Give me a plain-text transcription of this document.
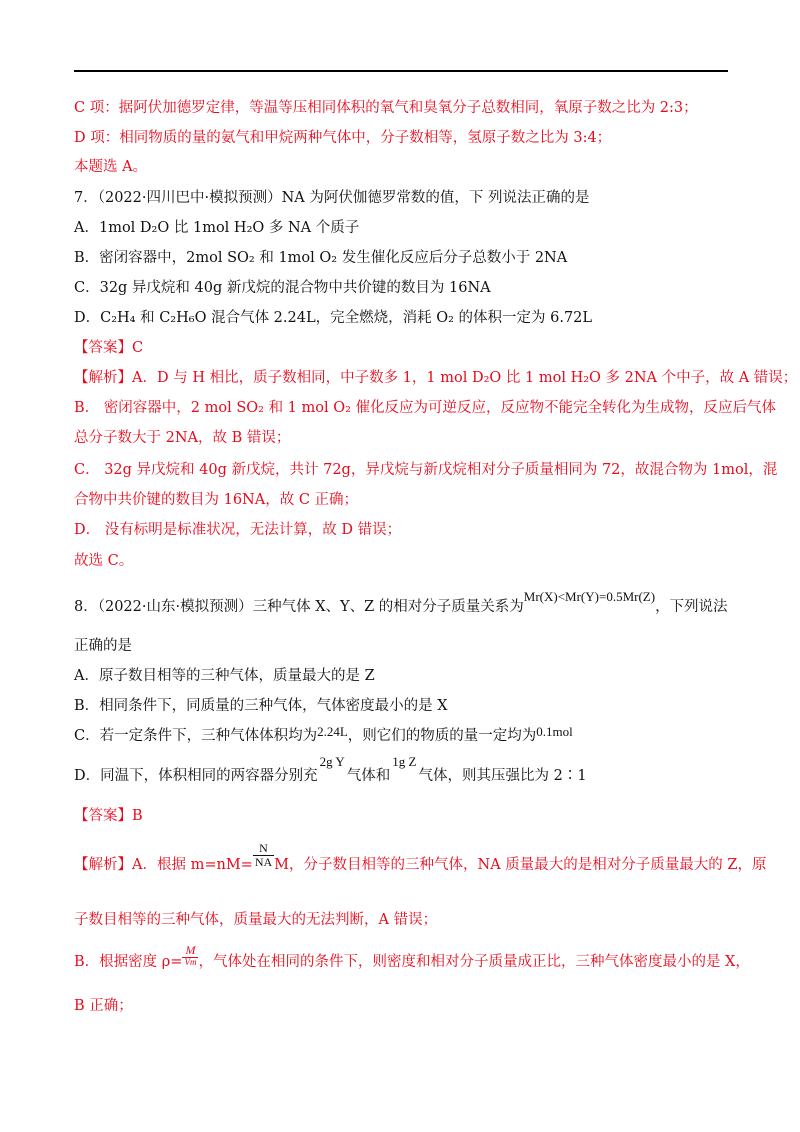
C 项：据阿伏加德罗定律，等温等压相同体积的氧气和臭氧分子总数相同，氧原子数之比为 2:3；
D 项：相同物质的量的氨气和甲烷两种气体中，分子数相等，氢原子数之比为 3:4；
本题选 A。
7．（2022·四川巴中·模拟预测）NA 为阿伏伽德罗常数的值，下 列说法正确的是
A．1mol D₂O 比 1mol H₂O 多 NA 个质子
B．密闭容器中，2mol SO₂ 和 1mol O₂ 发生催化反应后分子总数小于 2NA
C．32g 异戊烷和 40g 新戊烷的混合物中共价键的数目为 16NA
D．C₂H₄ 和 C₂H₆O 混合气体 2.24L，完全燃烧，消耗 O₂ 的体积一定为 6.72L
【答案】C
【解析】A．D 与 H 相比，质子数相同，中子数多 1，1 mol D₂O 比 1 mol H₂O 多 2NA 个中子，故 A 错误；
B． 密闭容器中，2 mol SO₂ 和 1 mol O₂ 催化反应为可逆反应，反应物不能完全转化为生成物，反应后气体
总分子数大于 2NA，故 B 错误；
C． 32g 异戊烷和 40g 新戊烷，共计 72g，异戊烷与新戊烷相对分子质量相同为 72，故混合物为 1mol，混
合物中共价键的数目为 16NA，故 C 正确；
D． 没有标明是标准状况，无法计算，故 D 错误；
故选 C。
8．（2022·山东·模拟预测）三种气体 X、Y、Z 的相对分子质量关系为Mr(X)<Mr(Y)=0.5Mr(Z)，下列说法
正确的是
A．原子数目相等的三种气体，质量最大的是 Z
B．相同条件下，同质量的三种气体，气体密度最小的是 X
C．若一定条件下，三种气体体积均为2.24L，则它们的物质的量一定均为0.1mol
D．同温下，体积相同的两容器分别充2g Y气体和1g Z气体，则其压强比为 2∶1
【答案】B
【解析】A．根据 $m=nM= \frac{N}{NA}$ M，分子数目相等的三种气体，NA 质量最大的是相对分子质量最大的 Z，原
子数目相等的三种气体，质量最大的无法判断，A 错误；
B．根据密度 $\rho= \frac{M}{Vm}$ ，气体处在相同的条件下，则密度和相对分子质量成正比，三种气体密度最小的是 X，
B 正确；
